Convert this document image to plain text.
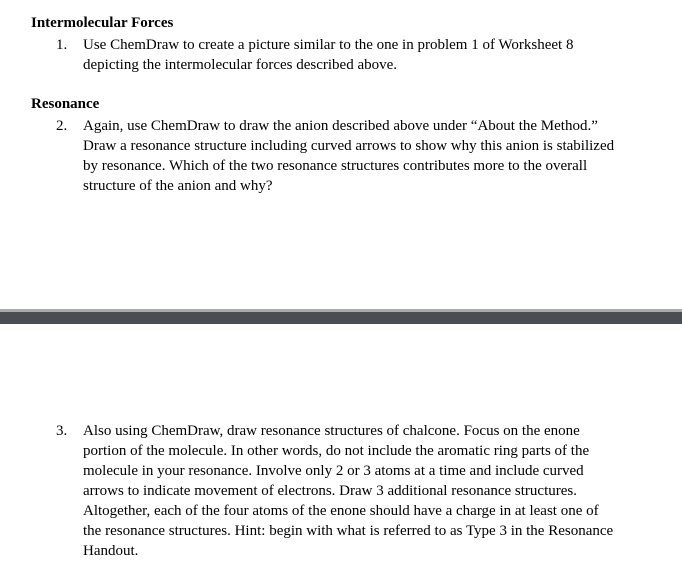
Intermolecular Forces
1. Use ChemDraw to create a picture similar to the one in problem 1 of Worksheet 8
depicting the intermolecular forces described above.
Resonance
2. Again, use ChemDraw to draw the anion described above under “About the Method.”
Draw a resonance structure including curved arrows to show why this anion is stabilized
by resonance. Which of the two resonance structures contributes more to the overall
structure of the anion and why?
3. Also using ChemDraw, draw resonance structures of chalcone. Focus on the enone
portion of the molecule. In other words, do not include the aromatic ring parts of the
molecule in your resonance. Involve only 2 or 3 atoms at a time and include curved
arrows to indicate movement of electrons. Draw 3 additional resonance structures.
Altogether, each of the four atoms of the enone should have a charge in at least one of
the resonance structures. Hint: begin with what is referred to as Type 3 in the Resonance
Handout.
